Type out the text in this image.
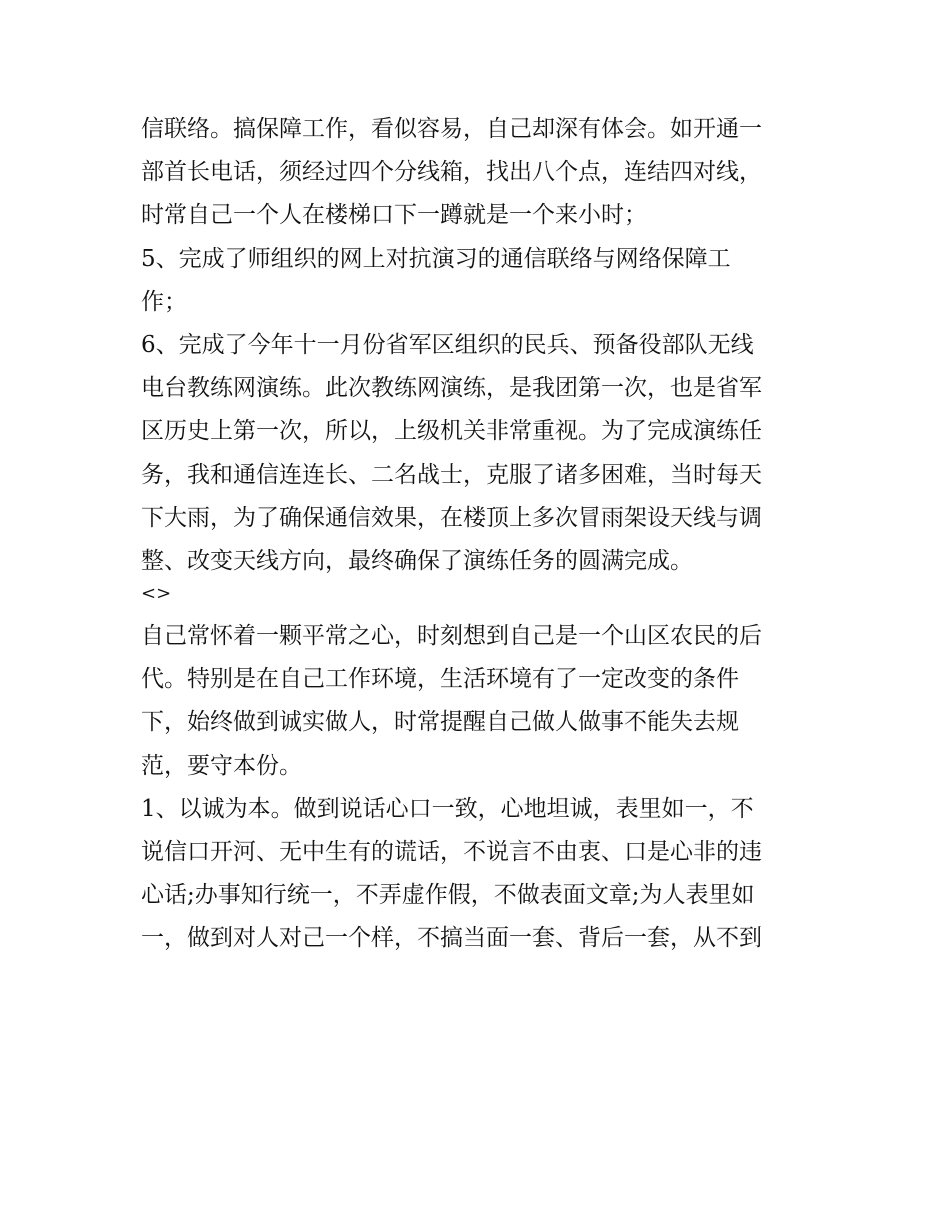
信联络。搞保障工作，看似容易，自己却深有体会。如开通一
部首长电话，须经过四个分线箱，找出八个点，连结四对线，
时常自己一个人在楼梯口下一蹲就是一个来小时；
5、完成了师组织的网上对抗演习的通信联络与网络保障工
作；
6、完成了今年十一月份省军区组织的民兵、预备役部队无线
电台教练网演练。此次教练网演练，是我团第一次，也是省军
区历史上第一次，所以，上级机关非常重视。为了完成演练任
务，我和通信连连长、二名战士，克服了诸多困难，当时每天
下大雨，为了确保通信效果，在楼顶上多次冒雨架设天线与调
整、改变天线方向，最终确保了演练任务的圆满完成。
<>
自己常怀着一颗平常之心，时刻想到自己是一个山区农民的后
代。特别是在自己工作环境，生活环境有了一定改变的条件
下，始终做到诚实做人，时常提醒自己做人做事不能失去规
范，要守本份。
1、以诚为本。做到说话心口一致，心地坦诚，表里如一，不
说信口开河、无中生有的谎话，不说言不由衷、口是心非的违
心话;办事知行统一，不弄虚作假，不做表面文章;为人表里如
一，做到对人对己一个样，不搞当面一套、背后一套，从不到
